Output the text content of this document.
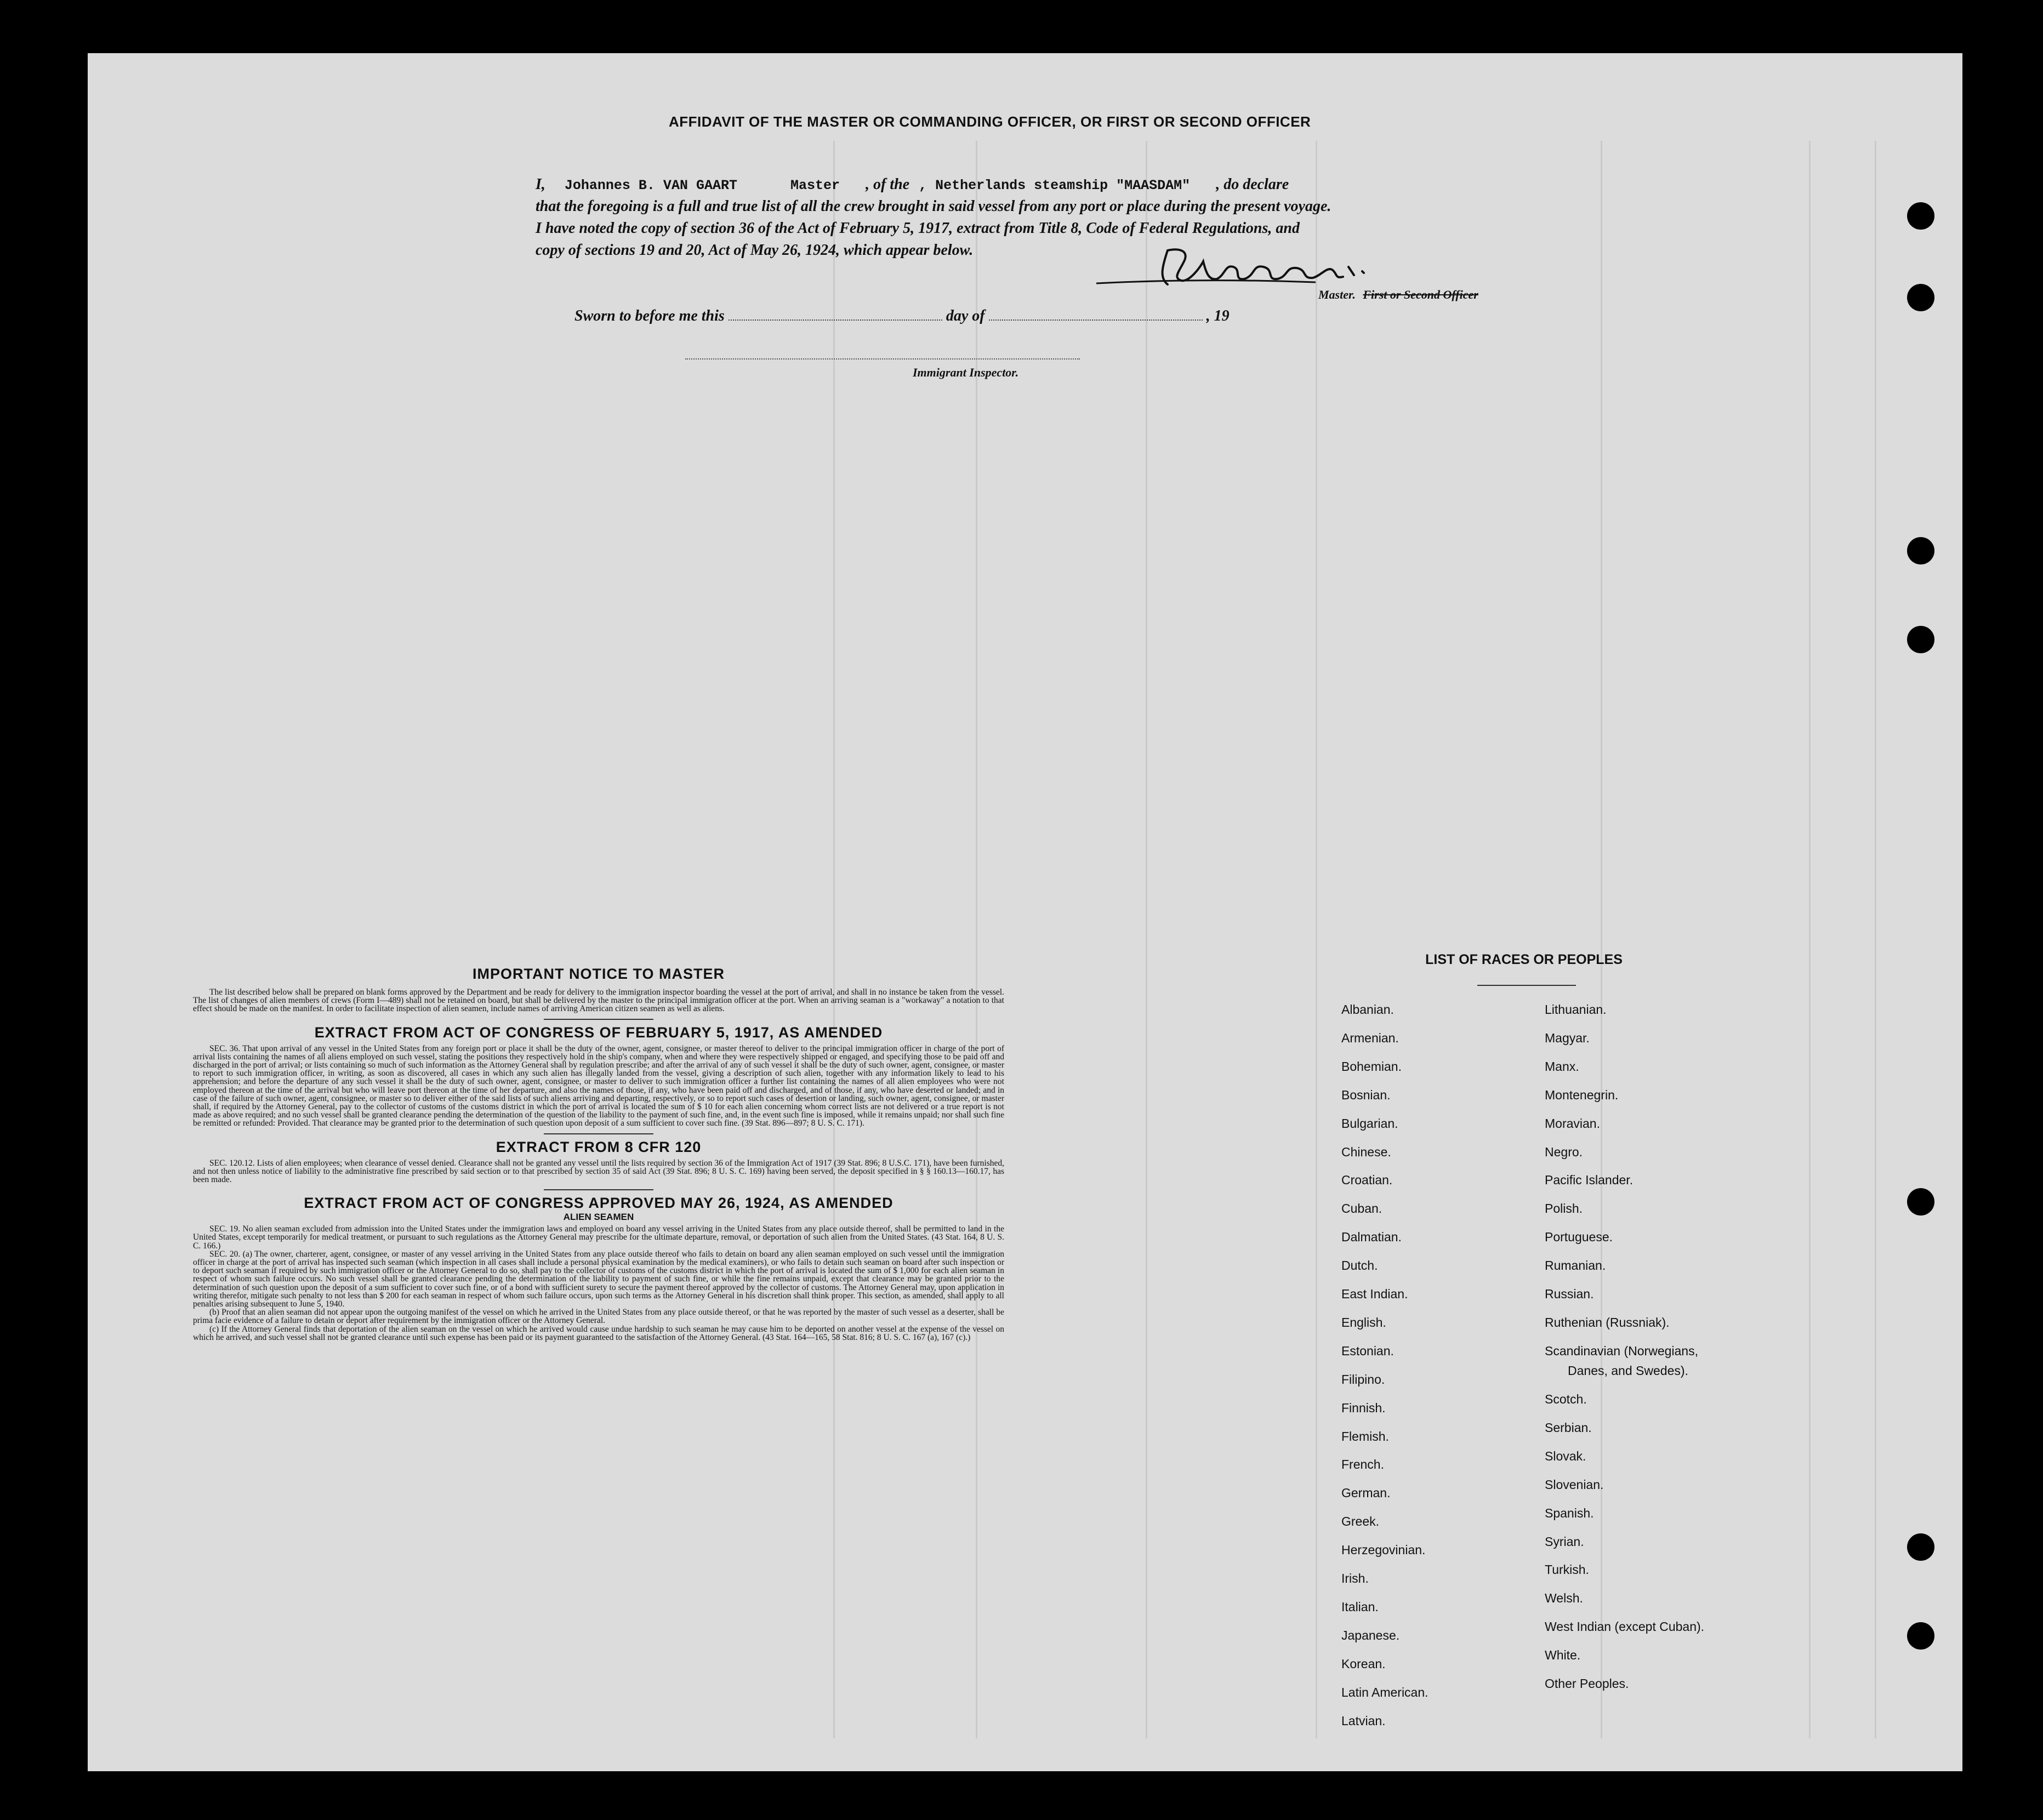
AFFIDAVIT OF THE MASTER OR COMMANDING OFFICER, OR FIRST OR SECOND OFFICER
I, Johannes B. VAN GAART	Master , of the , Netherlands steamship "MAASDAM" , do declare
that the foregoing is a full and true list of all the crew brought in said vessel from any port or place during the present voyage.
I have noted the copy of section 36 of the Act of February 5, 1917, extract from Title 8, Code of Federal Regulations, and
copy of sections 19 and 20, Act of May 26, 1924, which appear below.
Master. First or Second Officer
Sworn to before me this	day of	, 19
Immigrant Inspector.
IMPORTANT NOTICE TO MASTER

The list described below shall be prepared on blank forms approved by the Department and be ready for delivery to the immigration inspector boarding the vessel at the port of arrival, and shall in no instance be taken from the vessel. The list of changes of alien members of crews (Form I—489) shall not be retained on board, but shall be delivered by the master to the principal immigration officer at the port. When an arriving seaman is a "workaway" a notation to that effect should be made on the manifest. In order to facilitate inspection of alien seamen, include names of arriving American citizen seamen as well as aliens.

EXTRACT FROM ACT OF CONGRESS OF FEBRUARY 5, 1917, AS AMENDED

SEC. 36. That upon arrival of any vessel in the United States from any foreign port or place it shall be the duty of the owner, agent, consignee, or master thereof to deliver to the principal immigration officer in charge of the port of arrival lists containing the names of all aliens employed on such vessel, stating the positions they respectively hold in the ship's company, when and where they were respectively shipped or engaged, and specifying those to be paid off and discharged in the port of arrival; or lists containing so much of such information as the Attorney General shall by regulation prescribe; and after the arrival of any of such vessel it shall be the duty of such owner, agent, consignee, or master to report to such immigration officer, in writing, as soon as discovered, all cases in which any such alien has illegally landed from the vessel, giving a description of such alien, together with any information likely to lead to his apprehension; and before the departure of any such vessel it shall be the duty of such owner, agent, consignee, or master to deliver to such immigration officer a further list containing the names of all alien employees who were not employed thereon at the time of the arrival but who will leave port thereon at the time of her departure, and also the names of those, if any, who have been paid off and discharged, and of those, if any, who have deserted or landed; and in case of the failure of such owner, agent, consignee, or master so to deliver either of the said lists of such aliens arriving and departing, respectively, or so to report such cases of desertion or landing, such owner, agent, consignee, or master shall, if required by the Attorney General, pay to the collector of customs of the customs district in which the port of arrival is located the sum of $ 10 for each alien concerning whom correct lists are not delivered or a true report is not made as above required; and no such vessel shall be granted clearance pending the determination of the question of the liability to the payment of such fine, and, in the event such fine is imposed, while it remains unpaid; nor shall such fine be remitted or refunded: Provided. That clearance may be granted prior to the determination of such question upon deposit of a sum sufficient to cover such fine. (39 Stat. 896—897; 8 U. S. C. 171).

EXTRACT FROM 8 CFR 120

SEC. 120.12. Lists of alien employees; when clearance of vessel denied. Clearance shall not be granted any vessel until the lists required by section 36 of the Immigration Act of 1917 (39 Stat. 896; 8 U.S.C. 171), have been furnished, and not then unless notice of liability to the administrative fine prescribed by said section or to that prescribed by section 35 of said Act (39 Stat. 896; 8 U. S. C. 169) having been served, the deposit specified in § § 160.13—160.17, has been made.

EXTRACT FROM ACT OF CONGRESS APPROVED MAY 26, 1924, AS AMENDED
ALIEN SEAMEN

SEC. 19. No alien seaman excluded from admission into the United States under the immigration laws and employed on board any vessel arriving in the United States from any place outside thereof, shall be permitted to land in the United States, except temporarily for medical treatment, or pursuant to such regulations as the Attorney General may prescribe for the ultimate departure, removal, or deportation of such alien from the United States. (43 Stat. 164, 8 U. S. C. 166.)

SEC. 20. (a) The owner, charterer, agent, consignee, or master of any vessel arriving in the United States from any place outside thereof who fails to detain on board any alien seaman employed on such vessel until the immigration officer in charge at the port of arrival has inspected such seaman (which inspection in all cases shall include a personal physical examination by the medical examiners), or who fails to detain such seaman on board after such inspection or to deport such seaman if required by such immigration officer or the Attorney General to do so, shall pay to the collector of customs of the customs district in which the port of arrival is located the sum of $ 1,000 for each alien seaman in respect of whom such failure occurs. No such vessel shall be granted clearance pending the determination of the liability to payment of such fine, or while the fine remains unpaid, except that clearance may be granted prior to the determination of such question upon the deposit of a sum sufficient to cover such fine, or of a bond with sufficient surety to secure the payment thereof approved by the collector of customs. The Attorney General may, upon application in writing therefor, mitigate such penalty to not less than $ 200 for each seaman in respect of whom such failure occurs, upon such terms as the Attorney General in his discretion shall think proper. This section, as amended, shall apply to all penalties arising subsequent to June 5, 1940.

(b) Proof that an alien seaman did not appear upon the outgoing manifest of the vessel on which he arrived in the United States from any place outside thereof, or that he was reported by the master of such vessel as a deserter, shall be prima facie evidence of a failure to detain or deport after requirement by the immigration officer or the Attorney General.

(c) If the Attorney General finds that deportation of the alien seaman on the vessel on which he arrived would cause undue hardship to such seaman he may cause him to be deported on another vessel at the expense of the vessel on which he arrived, and such vessel shall not be granted clearance until such expense has been paid or its payment guaranteed to the satisfaction of the Attorney General. (43 Stat. 164—165, 58 Stat. 816; 8 U. S. C. 167 (a), 167 (c).)

LIST OF RACES OR PEOPLES
Albanian.
Armenian.
Bohemian.
Bosnian.
Bulgarian.
Chinese.
Croatian.
Cuban.
Dalmatian.
Dutch.
East Indian.
English.
Estonian.
Filipino.
Finnish.
Flemish.
French.
German.
Greek.
Herzegovinian.
Irish.
Italian.
Japanese.
Korean.
Latin American.
Latvian.
Lithuanian.
Magyar.
Manx.
Montenegrin.
Moravian.
Negro.
Pacific Islander.
Polish.
Portuguese.
Rumanian.
Russian.
Ruthenian (Russniak).
Scandinavian (Norwegians,
Danes, and Swedes).
Scotch.
Serbian.
Slovak.
Slovenian.
Spanish.
Syrian.
Turkish.
Welsh.
West Indian (except Cuban).
White.
Other Peoples.
